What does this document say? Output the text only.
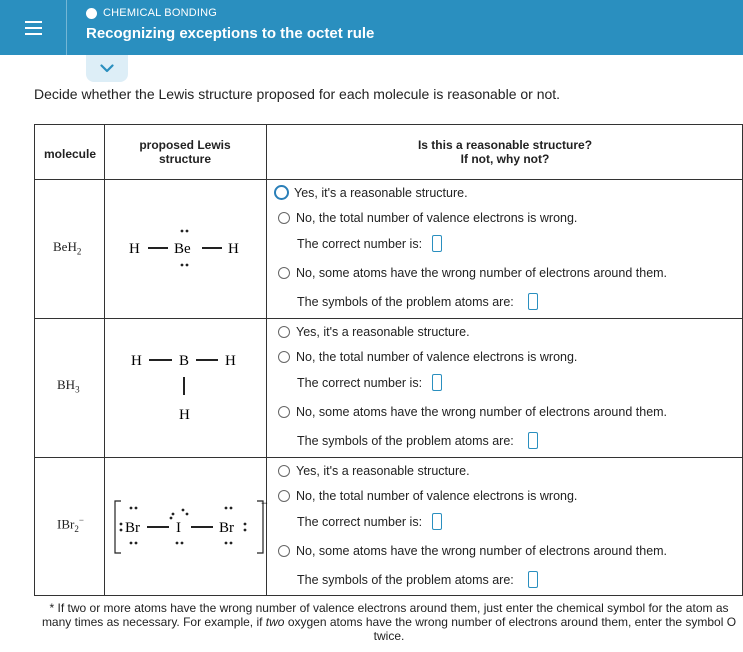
CHEMICAL BONDING
Recognizing exceptions to the octet rule
Decide whether the Lewis structure proposed for each molecule is reasonable or not.
molecule
proposed Lewis structure
Is this a reasonable structure?
If not, why not?
BeH$_2$	H Be H
Yes, it's a reasonable structure.
No, the total number of valence electrons is wrong.
The correct number is:
No, some atoms have the wrong number of electrons around them.
The symbols of the problem atoms are:
$BH_3$
H B H
H
Yes, it's a reasonable structure.
No, the total number of valence electrons is wrong.
The correct number is:
No, some atoms have the wrong number of electrons around them.
The symbols of the problem atoms are:
IBr$_2$−
−
Br I	Br
Yes, it's a reasonable structure.
No, the total number of valence electrons is wrong.
The correct number is:
No, some atoms have the wrong number of electrons around them.
The symbols of the problem atoms are:
* If two or more atoms have the wrong number of valence electrons around them, just enter the chemical symbol for the atom as many times as necessary. For example, if two oxygen atoms have the wrong number of electrons around them, enter the symbol O twice.
